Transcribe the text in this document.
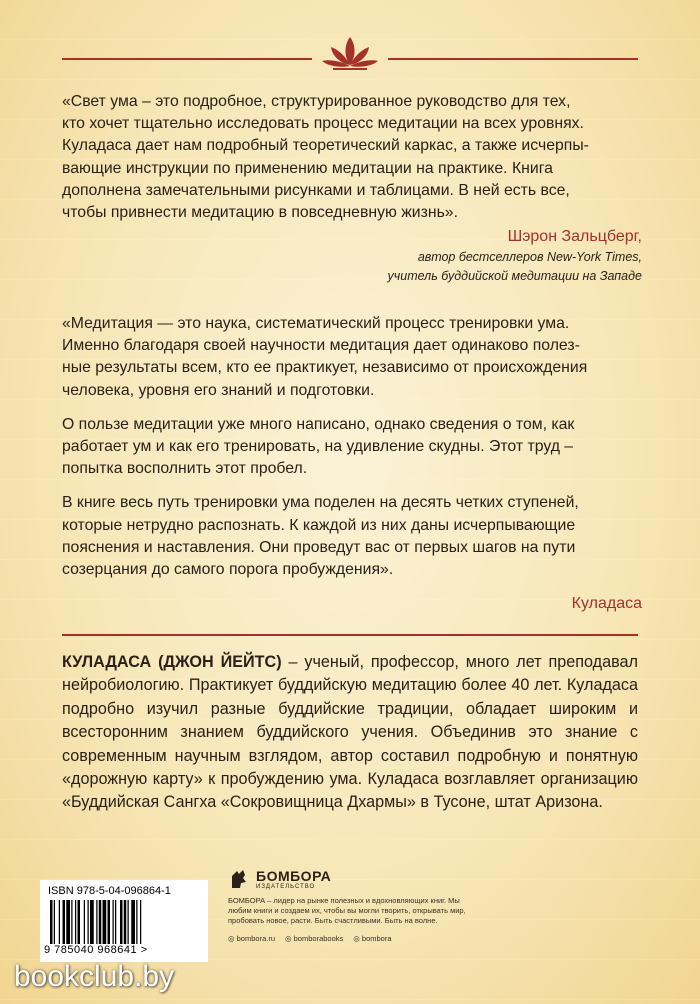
«Свет ума – это подробное, структурированное руководство для тех,
кто хочет тщательно исследовать процесс медитации на всех уровнях.
Куладаса дает нам подробный теоретический каркас, а также исчерпы-
вающие инструкции по применению медитации на практике. Книга
дополнена замечательными рисунками и таблицами. В ней есть все,
чтобы привнести медитацию в повседневную жизнь».
Шэрон Зальцберг,
автор бестселлеров New-York Times,
учитель буддийской медитации на Западе

«Медитация — это наука, систематический процесс тренировки ума.
Именно благодаря своей научности медитация дает одинаково полез-
ные результаты всем, кто ее практикует, независимо от происхождения
человека, уровня его знаний и подготовки.

О пользе медитации уже много написано, однако сведения о том, как
работает ум и как его тренировать, на удивление скудны. Этот труд –
попытка восполнить этот пробел.

В книге весь путь тренировки ума поделен на десять четких ступеней,
которые нетрудно распознать. К каждой из них даны исчерпывающие
пояснения и наставления. Они проведут вас от первых шагов на пути
созерцания до самого порога пробуждения».

Куладаса
КУЛАДАСА (ДЖОН ЙЕЙТС) – ученый, профессор, много лет преподавал нейробиологию. Практикует буддийскую медитацию более 40 лет. Куладаса подробно изучил разные буддийские традиции, обладает широким и всесторонним знанием буддийского учения. Объединив это знание с современным научным взглядом, автор составил подробную и понятную «дорожную карту» к пробуждению ума. Куладаса возглавляет организацию «Буддийская Сангха «Сокровищница Дхармы» в Тусоне, штат Аризона.
ISBN 978-5-04-096864-1
9 785040 968641 >
БОМБОРА
ИЗДАТЕЛЬСТВО
БОМБОРА – лидер на рынке полезных и вдохновляющих книг. Мы любим книги и создаем их, чтобы вы могли творить, открывать мир, пробовать новое, расти. Быть счастливыми. Быть на волне.
◎ bombora.ru ◎ bomborabooks ◎ bombora
bookclub.by
